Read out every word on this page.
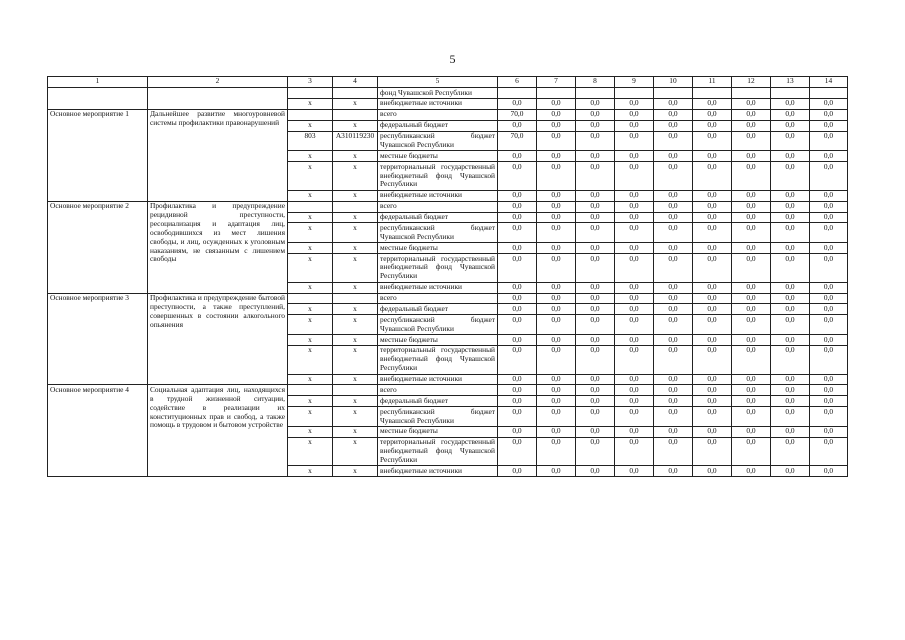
5
1	2	3	4	5	6	7	8	9	10	11	12	13	14
				фонд Чувашской Республики									
		х	х	внебюджетные источники	0,0	0,0	0,0	0,0	0,0	0,0	0,0	0,0	0,0
Основное мероприятие 1	Дальнейшее развитие многоуровневой системы профилактики правонарушений			всего	70,0	0,0	0,0	0,0	0,0	0,0	0,0	0,0	0,0
		х	х	федеральный бюджет	0,0	0,0	0,0	0,0	0,0	0,0	0,0	0,0	0,0
		803	А310119230	республиканский бюджет Чувашской Республики	70,0	0,0	0,0	0,0	0,0	0,0	0,0	0,0	0,0
		х	х	местные бюджеты	0,0	0,0	0,0	0,0	0,0	0,0	0,0	0,0	0,0
		х	х	территориальный государственный внебюджетный фонд Чувашской Республики	0,0	0,0	0,0	0,0	0,0	0,0	0,0	0,0	0,0
		х	х	внебюджетные источники	0,0	0,0	0,0	0,0	0,0	0,0	0,0	0,0	0,0
Основное мероприятие 2	Профилактика и предупреждение рецидивной преступности, ресоциализация и адаптация лиц, освободившихся из мест лишения свободы, и лиц, осужденных к уголовным наказаниям, не связанным с лишением свободы			всего	0,0	0,0	0,0	0,0	0,0	0,0	0,0	0,0	0,0
		х	х	федеральный бюджет	0,0	0,0	0,0	0,0	0,0	0,0	0,0	0,0	0,0
		х	х	республиканский бюджет Чувашской Республики	0,0	0,0	0,0	0,0	0,0	0,0	0,0	0,0	0,0
		х	х	местные бюджеты	0,0	0,0	0,0	0,0	0,0	0,0	0,0	0,0	0,0
		х	х	территориальный государственный внебюджетный фонд Чувашской Республики	0,0	0,0	0,0	0,0	0,0	0,0	0,0	0,0	0,0
		х	х	внебюджетные источники	0,0	0,0	0,0	0,0	0,0	0,0	0,0	0,0	0,0
Основное мероприятие 3	Профилактика и предупреждение бытовой преступности, а также преступлений, совершенных в состоянии алкогольного опьянения			всего	0,0	0,0	0,0	0,0	0,0	0,0	0,0	0,0	0,0
		х	х	федеральный бюджет	0,0	0,0	0,0	0,0	0,0	0,0	0,0	0,0	0,0
		х	х	республиканский бюджет Чувашской Республики	0,0	0,0	0,0	0,0	0,0	0,0	0,0	0,0	0,0
		х	х	местные бюджеты	0,0	0,0	0,0	0,0	0,0	0,0	0,0	0,0	0,0
		х	х	территориальный государственный внебюджетный фонд Чувашской Республики	0,0	0,0	0,0	0,0	0,0	0,0	0,0	0,0	0,0
		х	х	внебюджетные источники	0,0	0,0	0,0	0,0	0,0	0,0	0,0	0,0	0,0
Основное мероприятие 4	Социальная адаптация лиц, находящихся в трудной жизненной ситуации, содействие в реализации их конституционных прав и свобод, а также помощь в трудовом и бытовом устройстве			всего	0,0	0,0	0,0	0,0	0,0	0,0	0,0	0,0	0,0
		х	х	федеральный бюджет	0,0	0,0	0,0	0,0	0,0	0,0	0,0	0,0	0,0
		х	х	республиканский бюджет Чувашской Республики	0,0	0,0	0,0	0,0	0,0	0,0	0,0	0,0	0,0
		х	х	местные бюджеты	0,0	0,0	0,0	0,0	0,0	0,0	0,0	0,0	0,0
		х	х	территориальный государственный внебюджетный фонд Чувашской Республики	0,0	0,0	0,0	0,0	0,0	0,0	0,0	0,0	0,0
		х	х	внебюджетные источники	0,0	0,0	0,0	0,0	0,0	0,0	0,0	0,0	0,0
